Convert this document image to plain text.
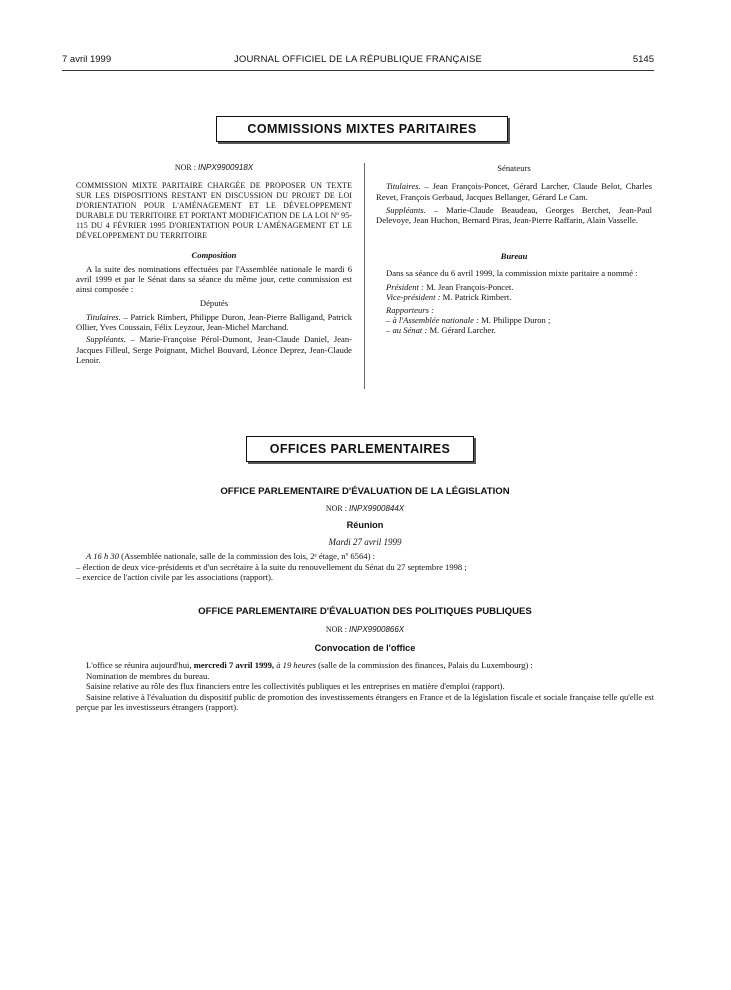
7 avril 1999	JOURNAL OFFICIEL DE LA RÉPUBLIQUE FRANÇAISE	5145
COMMISSIONS MIXTES PARITAIRES

NOR : INPX9900918X

COMMISSION MIXTE PARITAIRE CHARGÉE DE PROPOSER UN TEXTE SUR LES DISPOSITIONS RESTANT EN DISCUSSION DU PROJET DE LOI D'ORIENTATION POUR L'AMÉNAGEMENT ET LE DÉVELOPPEMENT DURABLE DU TERRITOIRE ET PORTANT MODIFICATION DE LA LOI Nº 95-115 DU 4 FÉVRIER 1995 D'ORIENTATION POUR L'AMÉNAGEMENT ET LE DÉVELOPPEMENT DU TERRITOIRE

Composition

A la suite des nominations effectuées par l'Assemblée nationale le mardi 6 avril 1999 et par le Sénat dans sa séance du même jour, cette commission est ainsi composée :

Députés

Titulaires. – Patrick Rimbert, Philippe Duron, Jean-Pierre Balligand, Patrick Ollier, Yves Coussain, Félix Leyzour, Jean-Michel Marchand.

Suppléants. – Marie-Françoise Pérol-Dumont, Jean-Claude Daniel, Jean-Jacques Filleul, Serge Poignant, Michel Bouvard, Léonce Deprez, Jean-Claude Lenoir.

Sénateurs

Titulaires. – Jean François-Poncet, Gérard Larcher, Claude Belot, Charles Revet, François Gerbaud, Jacques Bellanger, Gérard Le Cam.

Suppléants. – Marie-Claude Beaudeau, Georges Berchet, Jean-Paul Delevoye, Jean Huchon, Bernard Piras, Jean-Pierre Raffarin, Alain Vasselle.

Bureau

Dans sa séance du 6 avril 1999, la commission mixte paritaire a nommé :

Président : M. Jean François-Poncet.

Vice-président : M. Patrick Rimbert.

Rapporteurs :

– à l'Assemblée nationale : M. Philippe Duron ;

– au Sénat : M. Gérard Larcher.

OFFICES PARLEMENTAIRES
OFFICE PARLEMENTAIRE D'ÉVALUATION DE LA LÉGISLATION
NOR : INPX9900844X
Réunion
Mardi 27 avril 1999

A 16 h 30 (Assemblée nationale, salle de la commission des lois, 2ᵉ étage, nº 6564) :

– élection de deux vice-présidents et d'un secrétaire à la suite du renouvellement du Sénat du 27 septembre 1998 ;

– exercice de l'action civile par les associations (rapport).

OFFICE PARLEMENTAIRE D'ÉVALUATION DES POLITIQUES PUBLIQUES
NOR : INPX9900866X
Convocation de l'office

L'office se réunira aujourd'hui, mercredi 7 avril 1999, à 19 heures (salle de la commission des finances, Palais du Luxembourg) :

Nomination de membres du bureau.

Saisine relative au rôle des flux financiers entre les collectivités publiques et les entreprises en matière d'emploi (rapport).

Saisine relative à l'évaluation du dispositif public de promotion des investissements étrangers en France et de la législation fiscale et sociale française telle qu'elle est perçue par les investisseurs étrangers (rapport).
